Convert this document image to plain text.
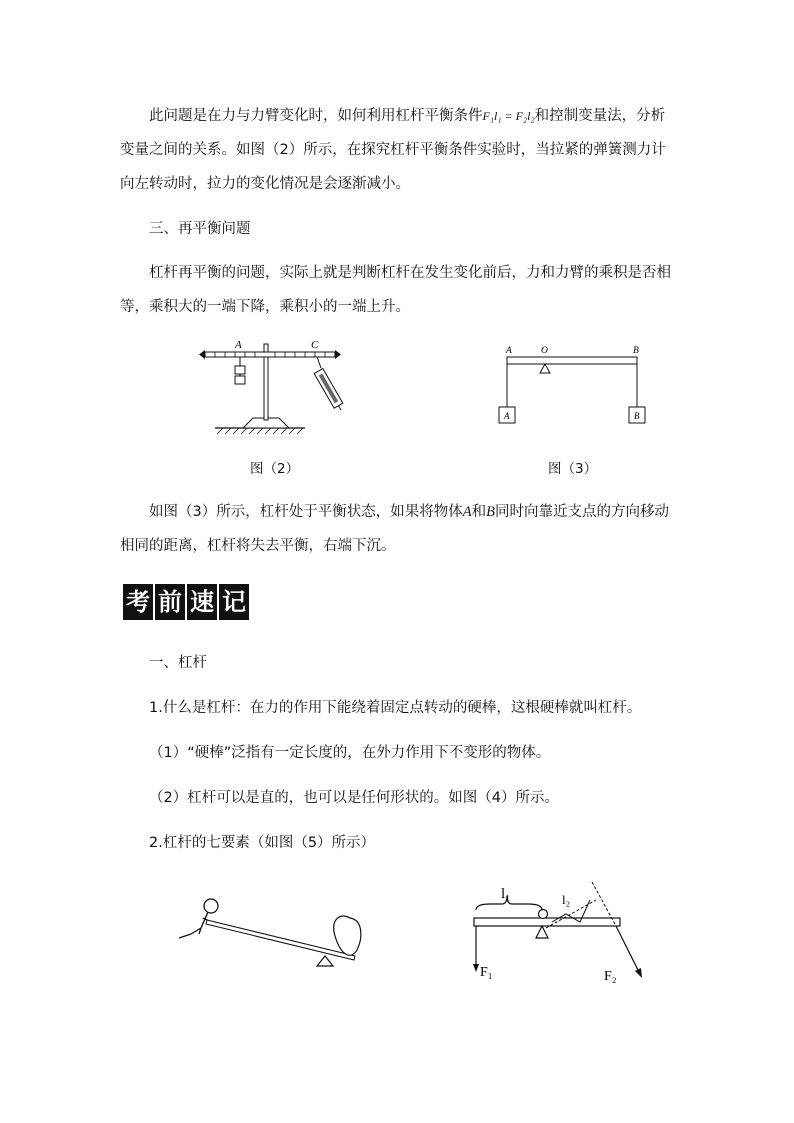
此问题是在力与力臂变化时，如何利用杠杆平衡条件F₁l₁ = F₂l₂和控制变量法，分析变量之间的关系。如图（2）所示，在探究杠杆平衡条件实验时，当拉紧的弹簧测力计向左转动时，拉力的变化情况是会逐渐减小。
三、再平衡问题
杠杆再平衡的问题，实际上就是判断杠杆在发生变化前后，力和力臂的乘积是否相等，乘积大的一端下降，乘积小的一端上升。
A	C	A	O	B
A	B
图（2）	图（3）
如图（3）所示，杠杆处于平衡状态，如果将物体A和B同时向靠近支点的方向移动相同的距离，杠杆将失去平衡，右端下沉。
考 前 速 记
一、杠杆
1.什么是杠杆：在力的作用下能绕着固定点转动的硬棒，这根硬棒就叫杠杆。
（1）“硬棒”泛指有一定长度的，在外力作用下不变形的物体。
（2）杠杆可以是直的，也可以是任何形状的。如图（4）所示。
2.杠杆的七要素（如图（5）所示）
l₁	l₂
F₁	F₂
